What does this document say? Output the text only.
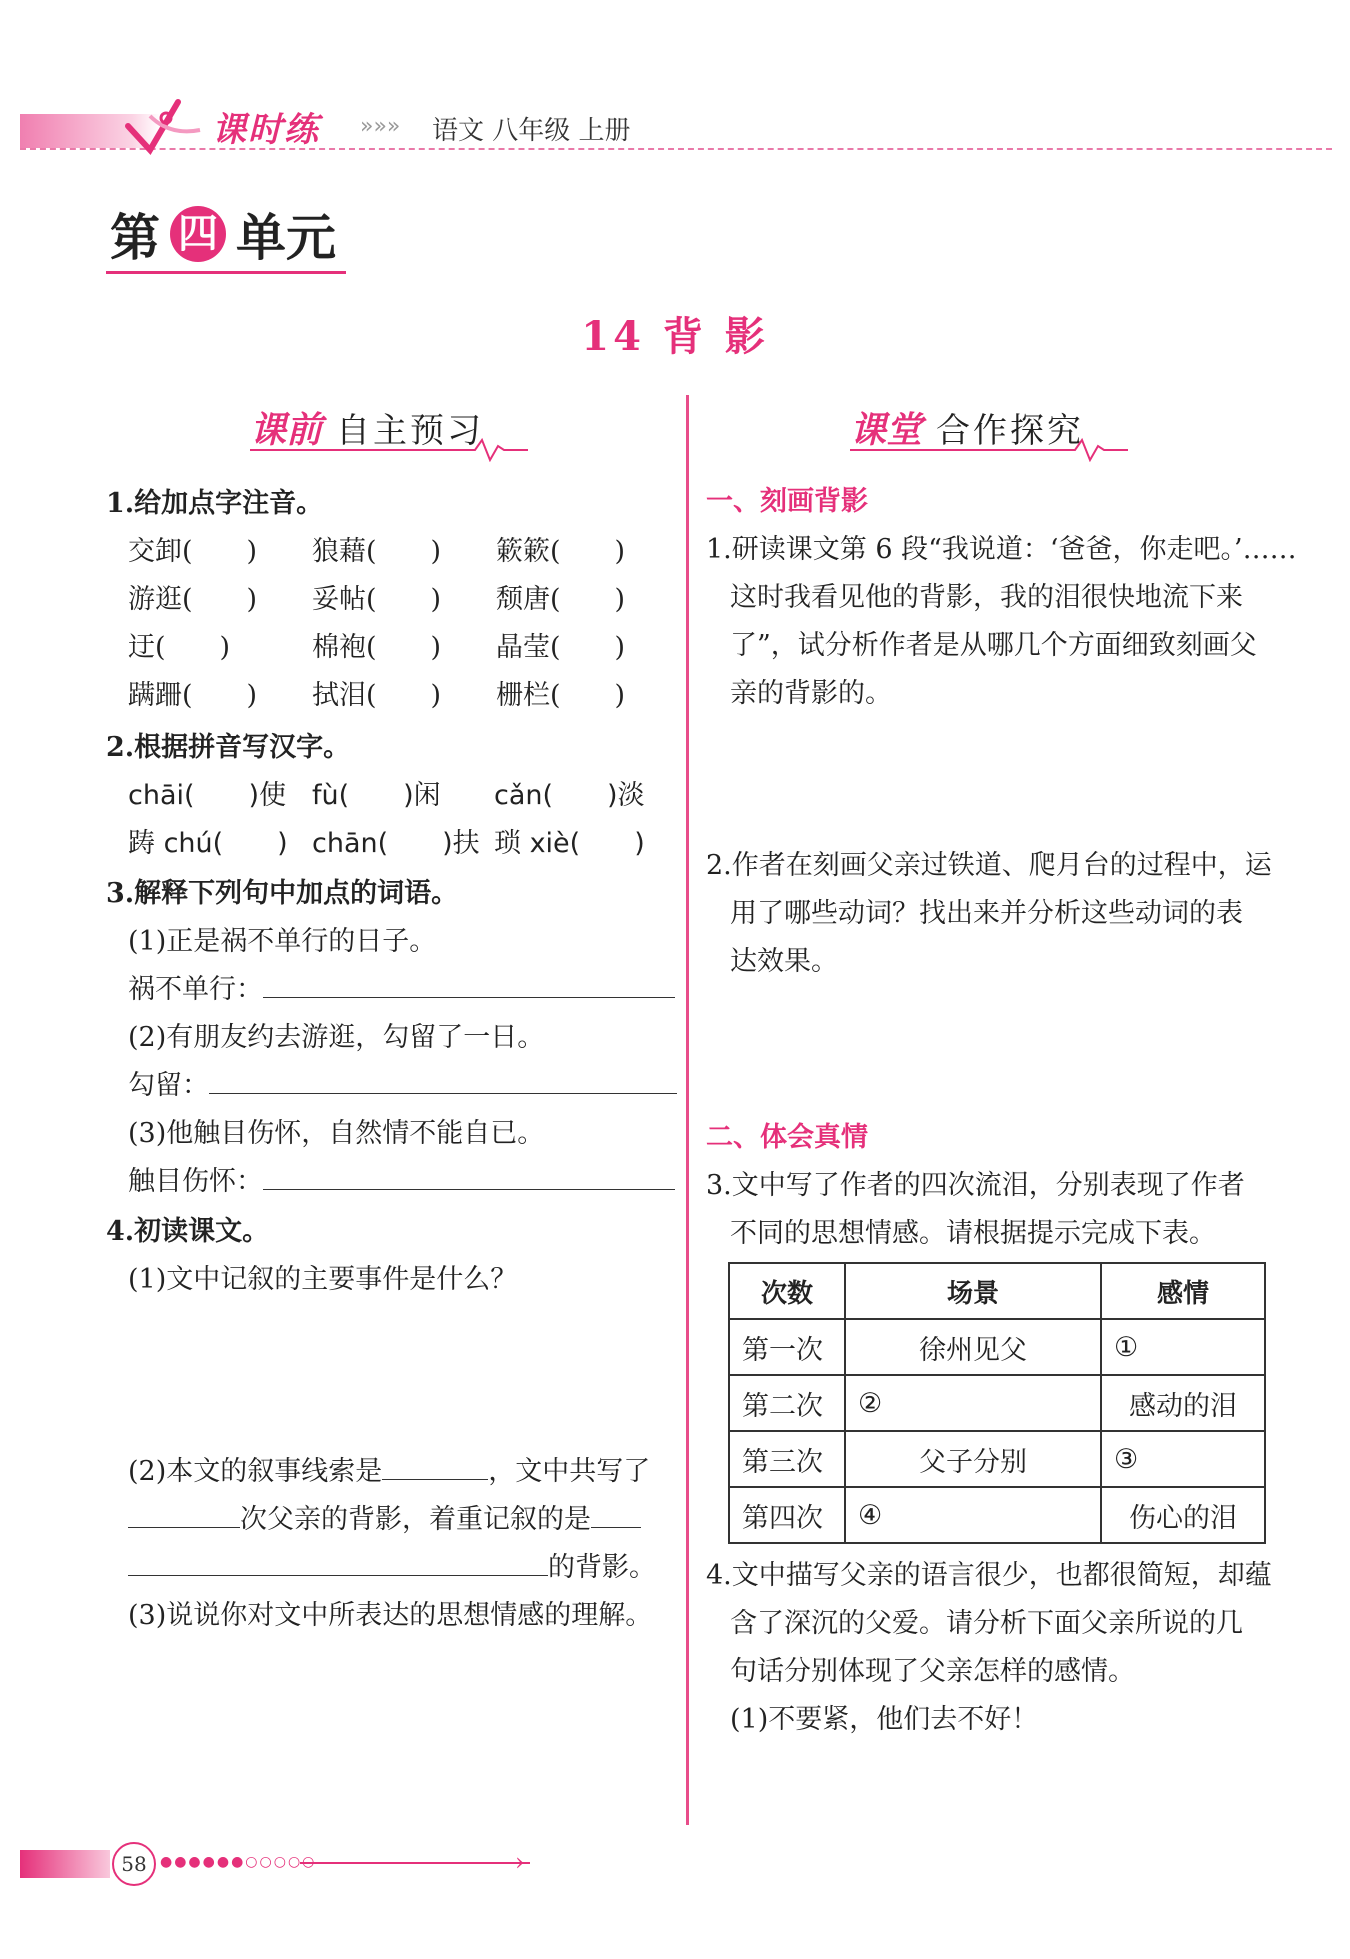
课时练 »»» 语文 八年级 上册
第 四 单元
14 背 影
课前 自主预习	课堂 合作探究
1.给加点字注音。
交卸(　　) 狼藉(　　) 簌簌(　　)
游逛(　　) 妥帖(　　) 颓唐(　　)
迂(　　)	棉袍(　　) 晶莹(　　)
蹒跚(　　) 拭泪(　　) 栅栏(　　)
2.根据拼音写汉字。
chāi(　　)使 fù(　　)闲 cǎn(　　)淡
踌 chú(　　) chān(　　)扶 琐 xiè(　　)
3.解释下列句中加点的词语。
(1)正是祸不单行的日子。
祸不单行：
(2)有朋友约去游逛，勾留了一日。
勾留：
(3)他触目伤怀，自然情不能自已。
触目伤怀：
4.初读课文。
(1)文中记叙的主要事件是什么？
(2)本文的叙事线索是	，文中共写了
次父亲的背影，着重记叙的是
的背影。
(3)说说你对文中所表达的思想情感的理解。
一、刻画背影
1.研读课文第 6 段“我说道：‘爸爸，你走吧。’……
这时我看见他的背影，我的泪很快地流下来
了”，试分析作者是从哪几个方面细致刻画父
亲的背影的。
2.作者在刻画父亲过铁道、爬月台的过程中，运
用了哪些动词？找出来并分析这些动词的表
达效果。
二、体会真情
3.文中写了作者的四次流泪，分别表现了作者
不同的思想情感。请根据提示完成下表。
次数	场景	感情
第一次	徐州见父	①
第二次	②	感动的泪
第三次	父子分别	③
第四次	④	伤心的泪
4.文中描写父亲的语言很少，也都很简短，却蕴
含了深沉的父爱。请分析下面父亲所说的几
句话分别体现了父亲怎样的感情。
(1)不要紧，他们去不好！
58 ●●●●●●○○○○○	›
